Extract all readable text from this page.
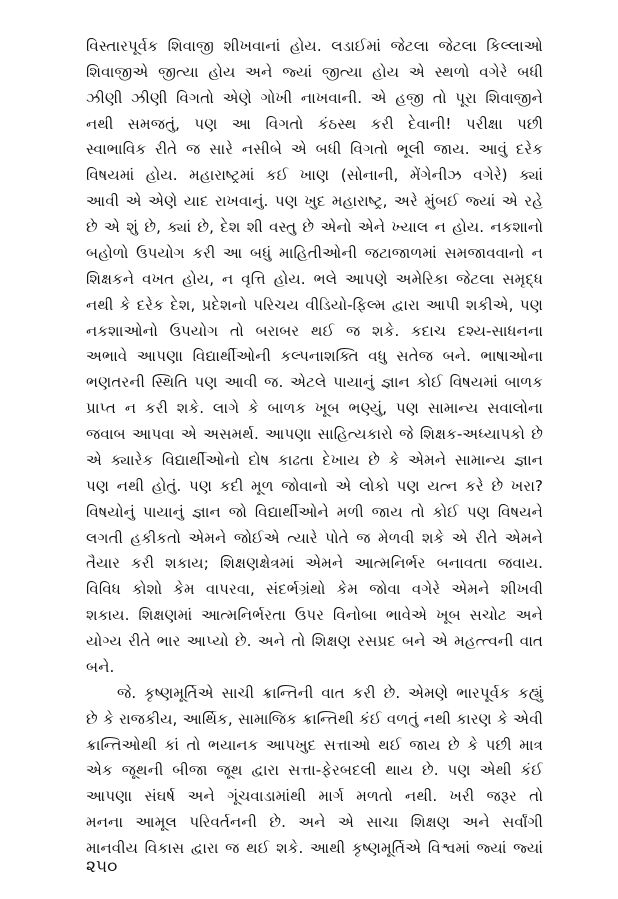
વિસ્તારપૂર્વક શિવાજી શીખવાનાં હોય. લડાઈમાં જેટલા જેટલા કિલ્લાઓ
શિવાજીએ જીત્યા હોય અને જ્યાં જીત્યા હોય એ સ્થળો વગેરે બધી
ઝીણી ઝીણી વિગતો એણે ગોખી નાખવાની. એ હજી તો પૂરા શિવાજીને
નથી સમજતું, પણ આ વિગતો કંઠસ્થ કરી દેવાની! પરીક્ષા પછી
સ્વાભાવિક રીતે જ સારે નસીબે એ બધી વિગતો ભૂલી જાય. આવું દરેક
વિષયમાં હોય. મહારાષ્ટ્રમાં કઈ ખાણ (સોનાની, મેંગેનીઝ વગેરે) ક્યાં
આવી એ એણે યાદ રાખવાનું. પણ ખુદ મહારાષ્ટ્ર, અરે મુંબઈ જ્યાં એ રહે
છે એ શું છે, ક્યાં છે, દેશ શી વસ્તુ છે એનો એને ખ્યાલ ન હોય. નકશાનો
બહોળો ઉપયોગ કરી આ બધું માહિતીઓની જટાજાળમાં સમજાવવાનો ન
શિક્ષકને વખત હોય, ન વૃત્તિ હોય. ભલે આપણે અમેરિકા જેટલા સમૃદ્ધ
નથી કે દરેક દેશ, પ્રદેશનો પરિચય વીડિયો-ફિલ્મ દ્વારા આપી શકીએ, પણ
નકશાઓનો ઉપયોગ તો બરાબર થઈ જ શકે. કદાચ દશ્ય-સાધનના
અભાવે આપણા વિદ્યાર્થીઓની કલ્પનાશક્તિ વધુ સતેજ બને. ભાષાઓના
ભણતરની સ્થિતિ પણ આવી જ. એટલે પાયાનું જ્ઞાન કોઈ વિષયમાં બાળક
પ્રાપ્ત ન કરી શકે. લાગે કે બાળક ખૂબ ભણ્યું, પણ સામાન્ય સવાલોના
જવાબ આપવા એ અસમર્થ. આપણા સાહિત્યકારો જે શિક્ષક-અધ્યાપકો છે
એ ક્યારેક વિદ્યાર્થીઓનો દોષ કાઢતા દેખાય છે કે એમને સામાન્ય જ્ઞાન
પણ નથી હોતું. પણ કદી મૂળ જોવાનો એ લોકો પણ યત્ન કરે છે ખરા?
વિષયોનું પાયાનું જ્ઞાન જો વિદ્યાર્થીઓને મળી જાય તો કોઈ પણ વિષયને
લગતી હકીકતો એમને જોઈએ ત્યારે પોતે જ મેળવી શકે એ રીતે એમને
તૈયાર કરી શકાય; શિક્ષણક્ષેત્રમાં એમને આત્મનિર્ભર બનાવતા જવાય.
વિવિધ કોશો કેમ વાપરવા, સંદર્ભગ્રંથો કેમ જોવા વગેરે એમને શીખવી
શકાય. શિક્ષણમાં આત્મનિર્ભરતા ઉપર વિનોબા ભાવેએ ખૂબ સચોટ અને
યોગ્ય રીતે ભાર આપ્યો છે. અને તો શિક્ષણ રસપ્રદ બને એ મહત્ત્વની વાત
બને.
જે. કૃષ્ણમૂર્તિએ સાચી ક્રાન્તિની વાત કરી છે. એમણે ભારપૂર્વક કહ્યું
છે કે રાજકીય, આર્થિક, સામાજિક ક્રાન્તિથી કંઈ વળતું નથી કારણ કે એવી
ક્રાન્તિઓથી કાં તો ભયાનક આપખુદ સત્તાઓ થઈ જાય છે કે પછી માત્ર
એક જૂથની બીજા જૂથ દ્વારા સત્તા-ફેરબદલી થાય છે. પણ એથી કંઈ
આપણા સંઘર્ષ અને ગૂંચવાડામાંથી માર્ગ મળતો નથી. ખરી જરૂર તો
મનના આમૂલ પરિવર્તનની છે. અને એ સાચા શિક્ષણ અને સર્વાંગી
માનવીય વિકાસ દ્વારા જ થઈ શકે. આથી કૃષ્ણમૂર્તિએ વિશ્વમાં જ્યાં જ્યાં
૨૫૦
